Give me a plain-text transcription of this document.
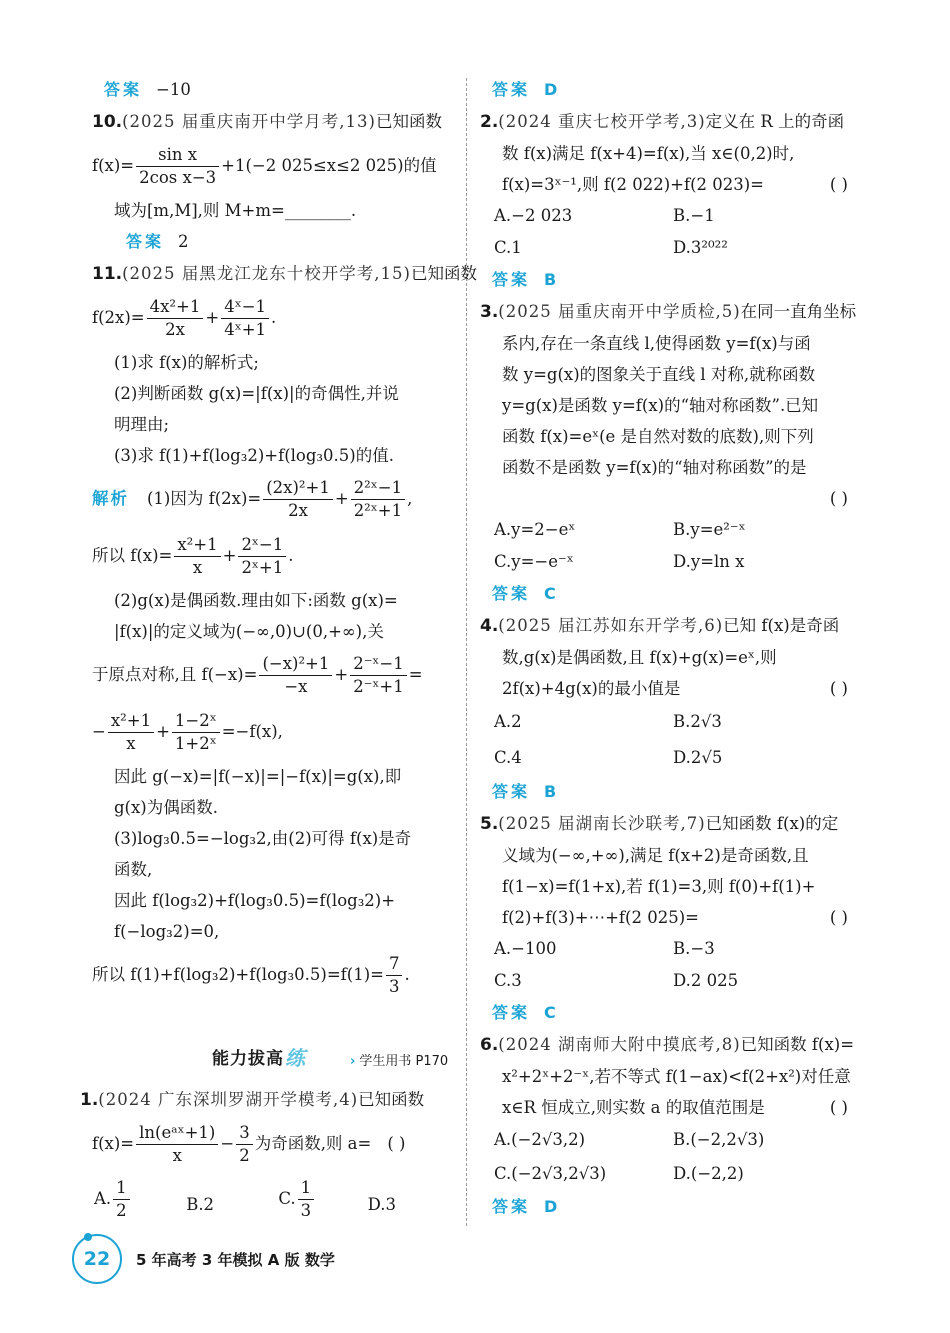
答案 −10
10.(2025 届重庆南开中学月考,13)已知函数
$f(x)= \frac{\text{sin x}}{\text{2cos x−3}} +1(-2$ 025≤x≤2 025)的值
域为[m,M],则 M+m=________.
答案 2
11.(2025 届黑龙江龙东十校开学考,15)已知函数
$f(2x)= \frac{\text{4x²+1}}{2x} + \frac{\text{4ˣ−1}}{\text{4ˣ+1}}$ .
(1)求 f(x)的解析式;
(2)判断函数 g(x)=|f(x)|的奇偶性,并说
明理由;
(3)求 f(1)+f(log₃2)+f(log₃0.5)的值.
解析 (1)因为 $f(2x)= \frac{\text{(2x)²+1}}{2x} + \frac{\text{2²ˣ−1}}{\text{2²ˣ+1}}$ ,
所以 $f(x)= \frac{\text{x²+1}}{x} + \frac{\text{2ˣ−1}}{\text{2ˣ+1}}$ .
(2)g(x)是偶函数.理由如下:函数 g(x)=
|f(x)|的定义域为(−∞,0)∪(0,+∞),关
于原点对称,且 $f(-x)= \frac{\text{(−x)²+1}}{-x} + \frac{\text{2⁻ˣ−1}}{\text{2⁻ˣ+1}}$ =
− $\frac{\text{x²+1}}{x} + \frac{\text{1−2ˣ}}{\text{1+2ˣ}} =-f(x)$,
因此 g(−x)=|f(−x)|=|−f(x)|=g(x),即
g(x)为偶函数.
(3)log₃0.5=−log₃2,由(2)可得 f(x)是奇
函数,
因此 f(log₃2)+f(log₃0.5)=f(log₃2)+
f(−log₃2)=0,
所以 $f(1)+f(\log_32)+f(\log_30.5)=f(1)= \frac{7}{3}$ .
能力拔高 练	› 学生用书 P170
1.(2024 广东深圳罗湖开学模考,4)已知函数
$f(x)= \frac{\text{ln(eᵃˣ+1)}}{x} - \frac{3}{2}$ 为奇函数,则 a= ( )
A. $\frac{1}{2}$	B.2	C. $\frac{1}{3}$	D.3
答案 D
2.(2024 重庆七校开学考,3)定义在 R 上的奇函
数 f(x)满足 f(x+4)=f(x),当 x∈(0,2)时,
f(x)=3ˣ⁻¹,则 f(2 022)+f(2 023)=	( )
A.−2 023	B.−1
C.1	D.3²⁰²²
答案 B
3.(2025 届重庆南开中学质检,5)在同一直角坐标
系内,存在一条直线 l,使得函数 y=f(x)与函
数 y=g(x)的图象关于直线 l 对称,就称函数
y=g(x)是函数 y=f(x)的“轴对称函数”.已知
函数 f(x)=eˣ(e 是自然对数的底数),则下列
函数不是函数 y=f(x)的“轴对称函数”的是
( )
A.y=2−eˣ	B.y=e²⁻ˣ
C.y=−e⁻ˣ	D.y=ln x
答案 C
4.(2025 届江苏如东开学考,6)已知 f(x)是奇函
数,g(x)是偶函数,且 f(x)+g(x)=eˣ,则
2f(x)+4g(x)的最小值是	( )
A.2	B.2√3
C.4	D.2√5
答案 B
5.(2025 届湖南长沙联考,7)已知函数 f(x)的定
义域为(−∞,+∞),满足 f(x+2)是奇函数,且
f(1−x)=f(1+x),若 f(1)=3,则 f(0)+f(1)+
f(2)+f(3)+⋯+f(2 025)=	( )
A.−100	B.−3
C.3	D.2 025
答案 C
6.(2024 湖南师大附中摸底考,8)已知函数 f(x)=
x²+2ˣ+2⁻ˣ,若不等式 f(1−ax)<f(2+x²)对任意
x∈R 恒成立,则实数 a 的取值范围是	( )
A.(−2√3,2)	B.(−2,2√3)
C.(−2√3,2√3)	D.(−2,2)
答案 D
22 5 年高考 3 年模拟 A 版 数学
